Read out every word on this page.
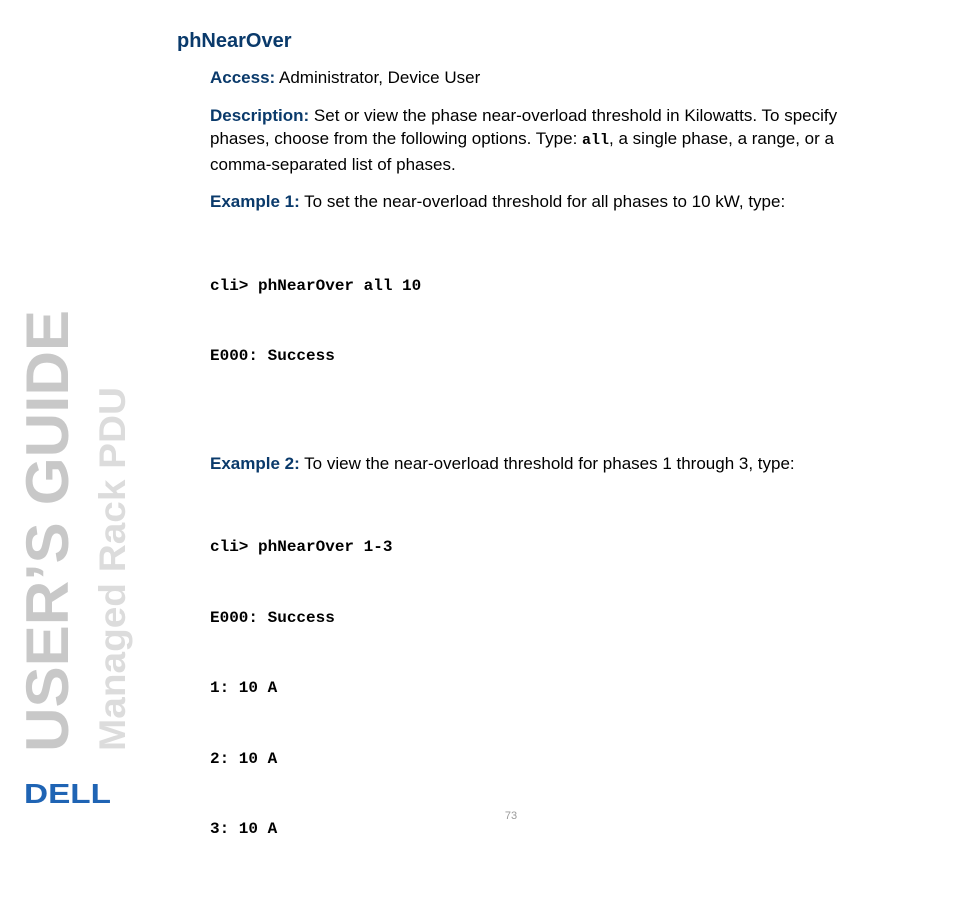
phNearOver

Access: Administrator, Device User

Description: Set or view the phase near-overload threshold in Kilowatts. To specify phases, choose from the following options. Type: all, a single phase, a range, or a comma-separated list of phases.

Example 1: To set the near-overload threshold for all phases to 10 kW, type:

cli> phNearOver all 10

E000: Success

Example 2: To view the near-overload threshold for phases 1 through 3, type:

cli> phNearOver 1-3

E000: Success

1: 10 A

2: 10 A

3: 10 A

USER’S GUIDE Managed Rack PDU
DELL
73
